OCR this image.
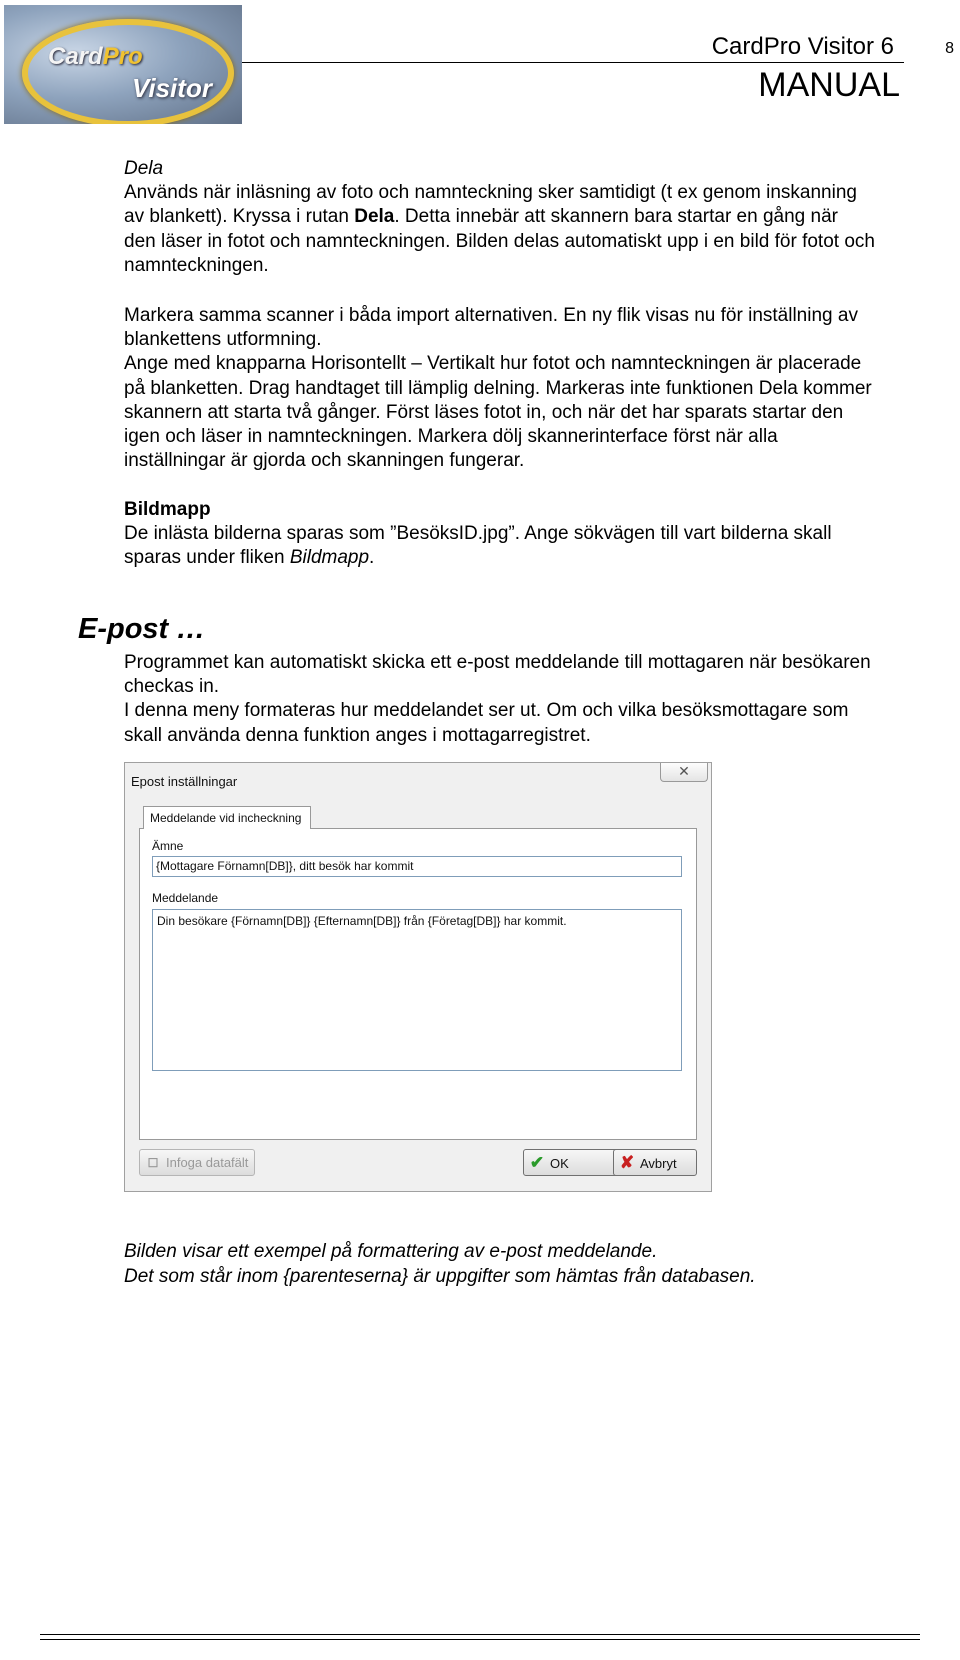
CardPro
Visitor
CardPro Visitor 6	8
MANUAL

Dela

Används när inläsning av foto och namnteckning sker samtidigt (t ex genom inskanning

av blankett). Kryssa i rutan Dela. Detta innebär att skannern bara startar en gång när

den läser in fotot och namnteckningen. Bilden delas automatiskt upp i en bild för fotot och

namnteckningen.

Markera samma scanner i båda import alternativen. En ny flik visas nu för inställning av

blankettens utformning.

Ange med knapparna Horisontellt – Vertikalt hur fotot och namnteckningen är placerade

på blanketten. Drag handtaget till lämplig delning. Markeras inte funktionen Dela kommer

skannern att starta två gånger. Först läses fotot in, och när det har sparats startar den

igen och läser in namnteckningen. Markera dölj skannerinterface först när alla

inställningar är gjorda och skanningen fungerar.

Bildmapp

De inlästa bilderna sparas som ”BesöksID.jpg”. Ange sökvägen till vart bilderna skall

sparas under fliken Bildmapp.

E-post …

Programmet kan automatiskt skicka ett e-post meddelande till mottagaren när besökaren

checkas in.

I denna meny formateras hur meddelandet ser ut. Om och vilka besöksmottagare som

skall använda denna funktion anges i mottagarregistret.

Epost inställningar
✕
Meddelande vid incheckning
Ämne
{Mottagare Förnamn[DB]}, ditt besök har kommit
Meddelande
Din besökare {Förnamn[DB]} {Efternamn[DB]} från {Företag[DB]} har kommit.
☐ Infoga datafält	✔ OK	✘ Avbryt
Bilden visar ett exempel på formattering av e-post meddelande.
Det som står inom {parenteserna} är uppgifter som hämtas från databasen.
